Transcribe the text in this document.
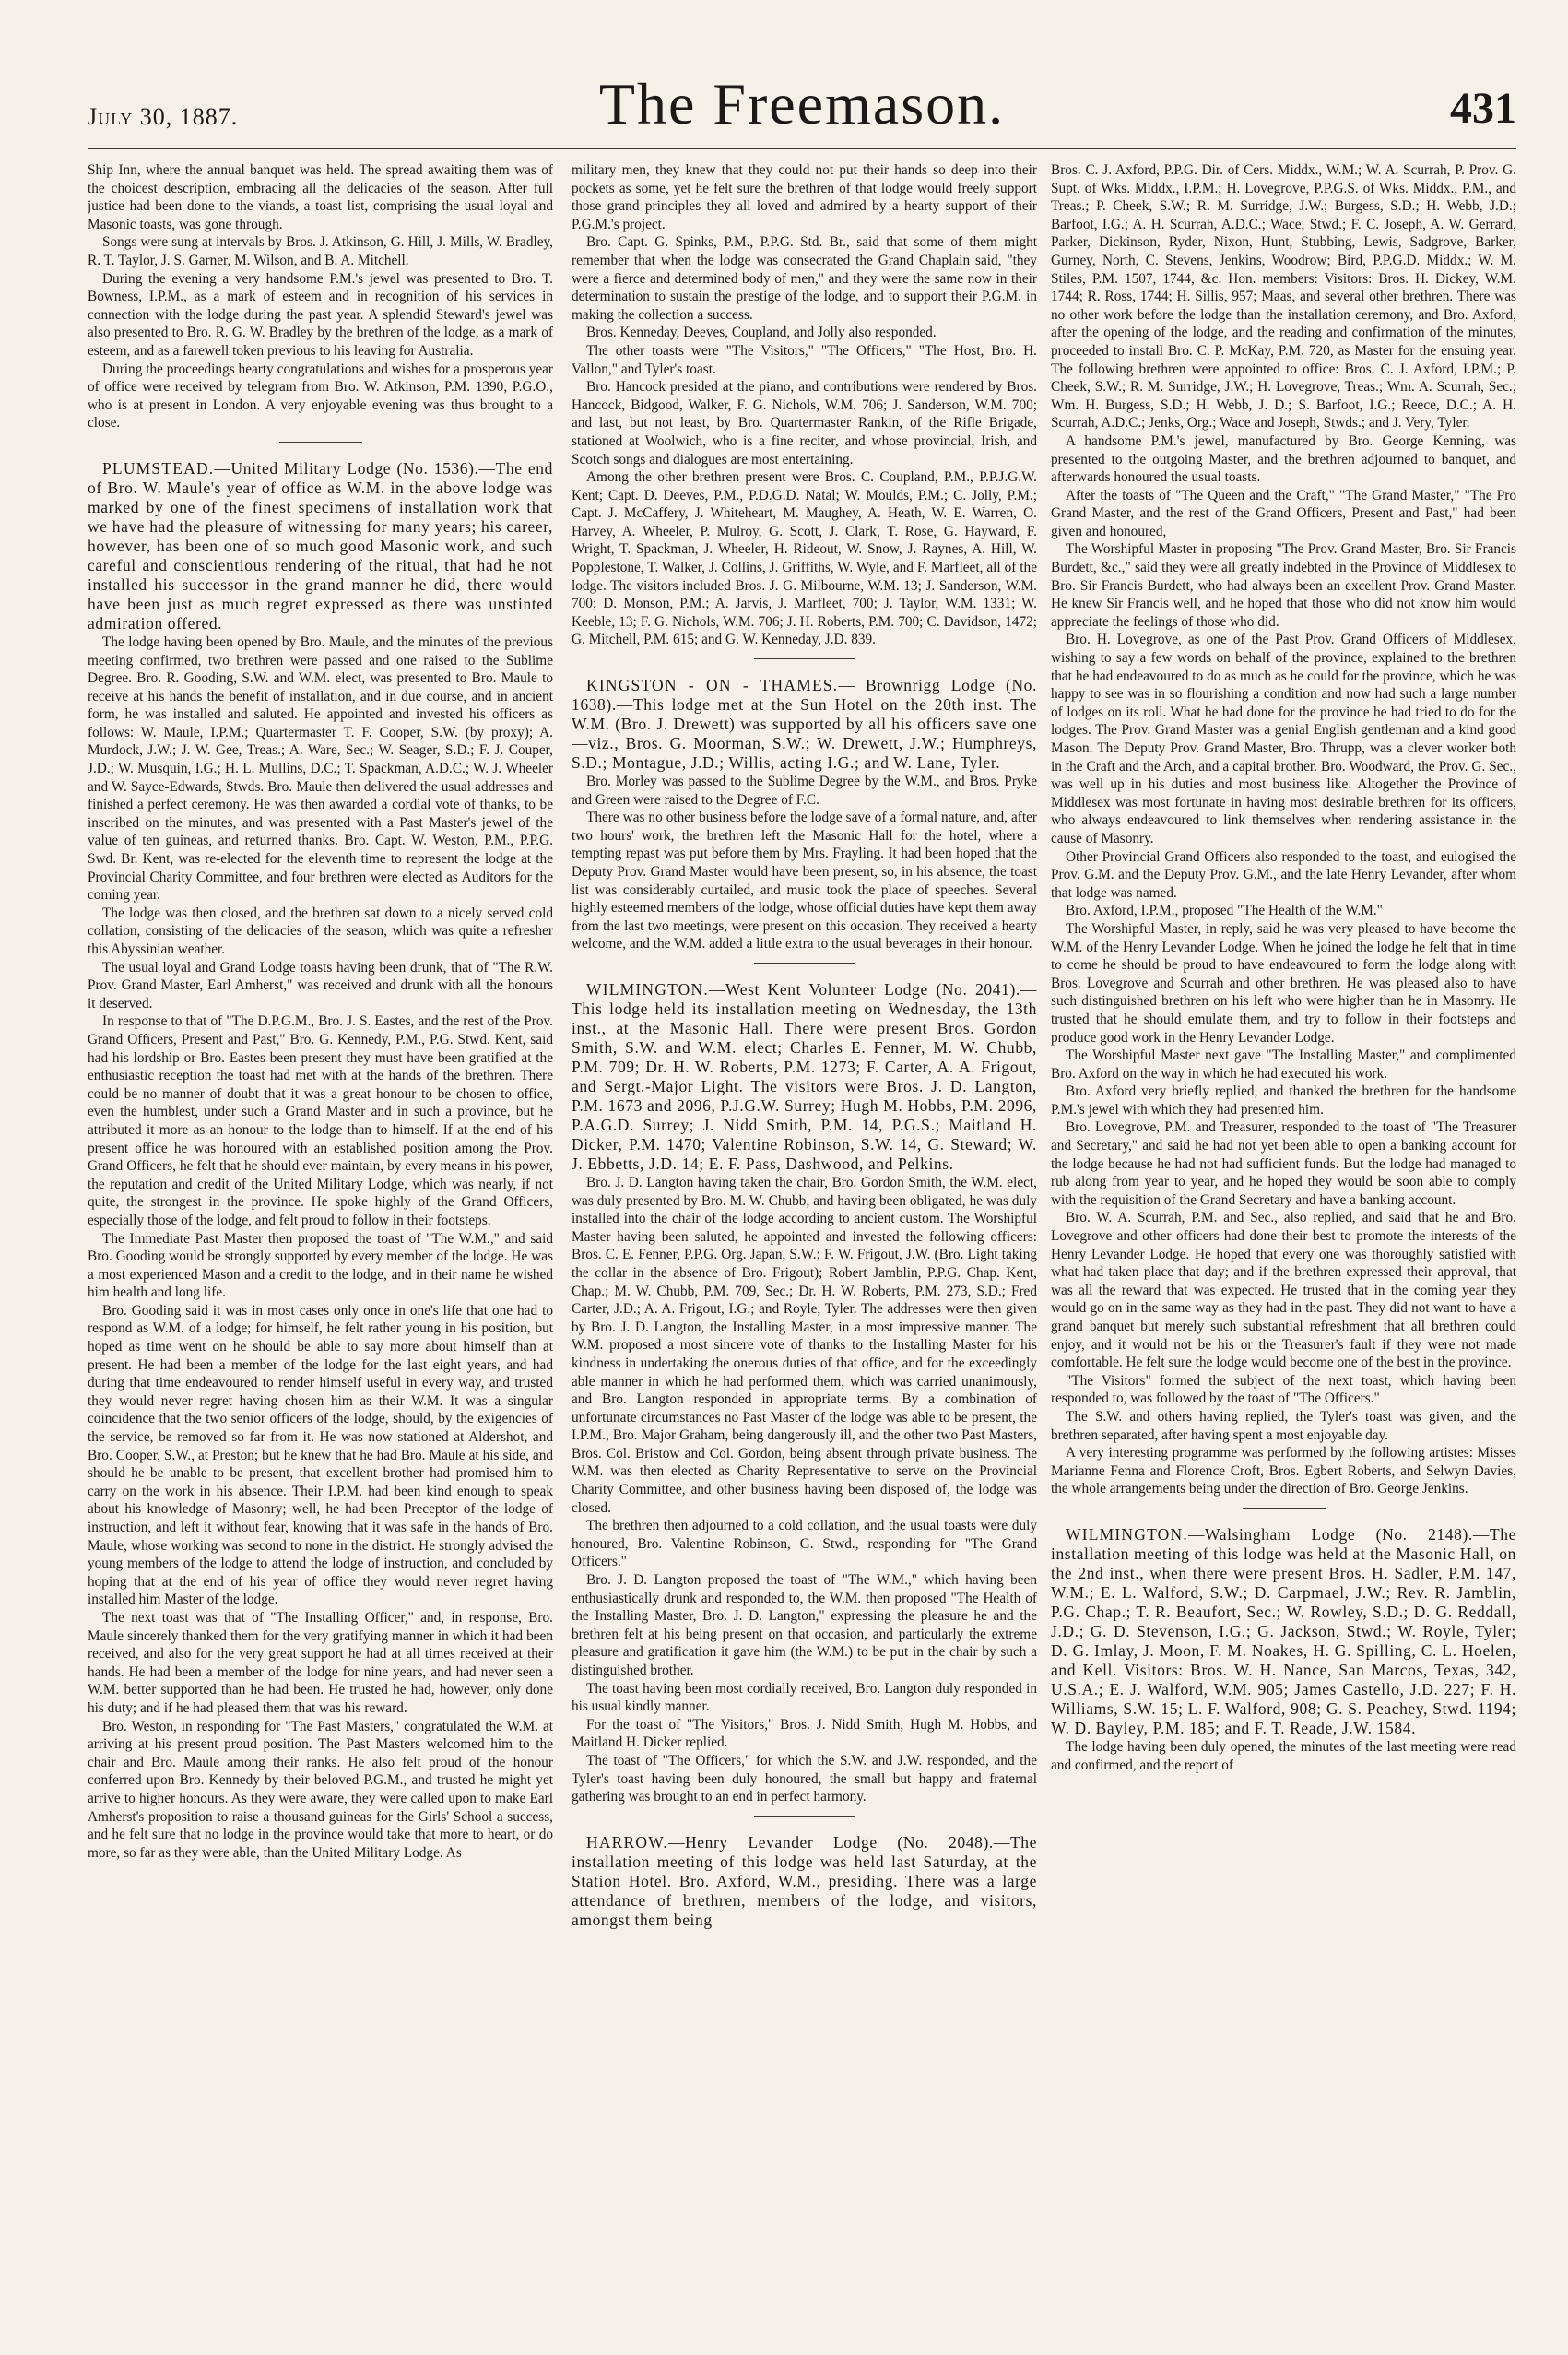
July 30, 1887.	The Freemason.	431

Ship Inn, where the annual banquet was held. The spread awaiting them was of the choicest description, embracing all the delicacies of the season. After full justice had been done to the viands, a toast list, comprising the usual loyal and Masonic toasts, was gone through.

Songs were sung at intervals by Bros. J. Atkinson, G. Hill, J. Mills, W. Bradley, R. T. Taylor, J. S. Garner, M. Wilson, and B. A. Mitchell.

During the evening a very handsome P.M.'s jewel was presented to Bro. T. Bowness, I.P.M., as a mark of esteem and in recognition of his services in connection with the lodge during the past year. A splendid Steward's jewel was also presented to Bro. R. G. W. Bradley by the brethren of the lodge, as a mark of esteem, and as a farewell token previous to his leaving for Australia.

During the proceedings hearty congratulations and wishes for a prosperous year of office were received by telegram from Bro. W. Atkinson, P.M. 1390, P.G.O., who is at present in London. A very enjoyable evening was thus brought to a close.

PLUMSTEAD.—United Military Lodge (No. 1536).—The end of Bro. W. Maule's year of office as W.M. in the above lodge was marked by one of the finest specimens of installation work that we have had the pleasure of witnessing for many years; his career, however, has been one of so much good Masonic work, and such careful and conscientious rendering of the ritual, that had he not installed his successor in the grand manner he did, there would have been just as much regret expressed as there was unstinted admiration offered.

The lodge having been opened by Bro. Maule, and the minutes of the previous meeting confirmed, two brethren were passed and one raised to the Sublime Degree. Bro. R. Gooding, S.W. and W.M. elect, was presented to Bro. Maule to receive at his hands the benefit of installation, and in due course, and in ancient form, he was installed and saluted. He appointed and invested his officers as follows: W. Maule, I.P.M.; Quartermaster T. F. Cooper, S.W. (by proxy); A. Murdock, J.W.; J. W. Gee, Treas.; A. Ware, Sec.; W. Seager, S.D.; F. J. Couper, J.D.; W. Musquin, I.G.; H. L. Mullins, D.C.; T. Spackman, A.D.C.; W. J. Wheeler and W. Sayce-Edwards, Stwds. Bro. Maule then delivered the usual addresses and finished a perfect ceremony. He was then awarded a cordial vote of thanks, to be inscribed on the minutes, and was presented with a Past Master's jewel of the value of ten guineas, and returned thanks. Bro. Capt. W. Weston, P.M., P.P.G. Swd. Br. Kent, was re-elected for the eleventh time to represent the lodge at the Provincial Charity Committee, and four brethren were elected as Auditors for the coming year.

The lodge was then closed, and the brethren sat down to a nicely served cold collation, consisting of the delicacies of the season, which was quite a refresher this Abyssinian weather.

The usual loyal and Grand Lodge toasts having been drunk, that of "The R.W. Prov. Grand Master, Earl Amherst," was received and drunk with all the honours it deserved.

In response to that of "The D.P.G.M., Bro. J. S. Eastes, and the rest of the Prov. Grand Officers, Present and Past," Bro. G. Kennedy, P.M., P.G. Stwd. Kent, said had his lordship or Bro. Eastes been present they must have been gratified at the enthusiastic reception the toast had met with at the hands of the brethren. There could be no manner of doubt that it was a great honour to be chosen to office, even the humblest, under such a Grand Master and in such a province, but he attributed it more as an honour to the lodge than to himself. If at the end of his present office he was honoured with an established position among the Prov. Grand Officers, he felt that he should ever maintain, by every means in his power, the reputation and credit of the United Military Lodge, which was nearly, if not quite, the strongest in the province. He spoke highly of the Grand Officers, especially those of the lodge, and felt proud to follow in their footsteps.

The Immediate Past Master then proposed the toast of "The W.M.," and said Bro. Gooding would be strongly supported by every member of the lodge. He was a most experienced Mason and a credit to the lodge, and in their name he wished him health and long life.

Bro. Gooding said it was in most cases only once in one's life that one had to respond as W.M. of a lodge; for himself, he felt rather young in his position, but hoped as time went on he should be able to say more about himself than at present. He had been a member of the lodge for the last eight years, and had during that time endeavoured to render himself useful in every way, and trusted they would never regret having chosen him as their W.M. It was a singular coincidence that the two senior officers of the lodge, should, by the exigencies of the service, be removed so far from it. He was now stationed at Aldershot, and Bro. Cooper, S.W., at Preston; but he knew that he had Bro. Maule at his side, and should he be unable to be present, that excellent brother had promised him to carry on the work in his absence. Their I.P.M. had been kind enough to speak about his knowledge of Masonry; well, he had been Preceptor of the lodge of instruction, and left it without fear, knowing that it was safe in the hands of Bro. Maule, whose working was second to none in the district. He strongly advised the young members of the lodge to attend the lodge of instruction, and concluded by hoping that at the end of his year of office they would never regret having installed him Master of the lodge.

The next toast was that of "The Installing Officer," and, in response, Bro. Maule sincerely thanked them for the very gratifying manner in which it had been received, and also for the very great support he had at all times received at their hands. He had been a member of the lodge for nine years, and had never seen a W.M. better supported than he had been. He trusted he had, however, only done his duty; and if he had pleased them that was his reward.

Bro. Weston, in responding for "The Past Masters," congratulated the W.M. at arriving at his present proud position. The Past Masters welcomed him to the chair and Bro. Maule among their ranks. He also felt proud of the honour conferred upon Bro. Kennedy by their beloved P.G.M., and trusted he might yet arrive to higher honours. As they were aware, they were called upon to make Earl Amherst's proposition to raise a thousand guineas for the Girls' School a success, and he felt sure that no lodge in the province would take that more to heart, or do more, so far as they were able, than the United Military Lodge. As

military men, they knew that they could not put their hands so deep into their pockets as some, yet he felt sure the brethren of that lodge would freely support those grand principles they all loved and admired by a hearty support of their P.G.M.'s project.

Bro. Capt. G. Spinks, P.M., P.P.G. Std. Br., said that some of them might remember that when the lodge was consecrated the Grand Chaplain said, "they were a fierce and determined body of men," and they were the same now in their determination to sustain the prestige of the lodge, and to support their P.G.M. in making the collection a success.

Bros. Kenneday, Deeves, Coupland, and Jolly also responded.

The other toasts were "The Visitors," "The Officers," "The Host, Bro. H. Vallon," and Tyler's toast.

Bro. Hancock presided at the piano, and contributions were rendered by Bros. Hancock, Bidgood, Walker, F. G. Nichols, W.M. 706; J. Sanderson, W.M. 700; and last, but not least, by Bro. Quartermaster Rankin, of the Rifle Brigade, stationed at Woolwich, who is a fine reciter, and whose provincial, Irish, and Scotch songs and dialogues are most entertaining.

Among the other brethren present were Bros. C. Coupland, P.M., P.P.J.G.W. Kent; Capt. D. Deeves, P.M., P.D.G.D. Natal; W. Moulds, P.M.; C. Jolly, P.M.; Capt. J. McCaffery, J. Whiteheart, M. Maughey, A. Heath, W. E. Warren, O. Harvey, A. Wheeler, P. Mulroy, G. Scott, J. Clark, T. Rose, G. Hayward, F. Wright, T. Spackman, J. Wheeler, H. Rideout, W. Snow, J. Raynes, A. Hill, W. Popplestone, T. Walker, J. Collins, J. Griffiths, W. Wyle, and F. Marfleet, all of the lodge. The visitors included Bros. J. G. Milbourne, W.M. 13; J. Sanderson, W.M. 700; D. Monson, P.M.; A. Jarvis, J. Marfleet, 700; J. Taylor, W.M. 1331; W. Keeble, 13; F. G. Nichols, W.M. 706; J. H. Roberts, P.M. 700; C. Davidson, 1472; G. Mitchell, P.M. 615; and G. W. Kenneday, J.D. 839.

KINGSTON - ON - THAMES.— Brownrigg Lodge (No. 1638).—This lodge met at the Sun Hotel on the 20th inst. The W.M. (Bro. J. Drewett) was supported by all his officers save one—viz., Bros. G. Moorman, S.W.; W. Drewett, J.W.; Humphreys, S.D.; Montague, J.D.; Willis, acting I.G.; and W. Lane, Tyler.

Bro. Morley was passed to the Sublime Degree by the W.M., and Bros. Pryke and Green were raised to the Degree of F.C.

There was no other business before the lodge save of a formal nature, and, after two hours' work, the brethren left the Masonic Hall for the hotel, where a tempting repast was put before them by Mrs. Frayling. It had been hoped that the Deputy Prov. Grand Master would have been present, so, in his absence, the toast list was considerably curtailed, and music took the place of speeches. Several highly esteemed members of the lodge, whose official duties have kept them away from the last two meetings, were present on this occasion. They received a hearty welcome, and the W.M. added a little extra to the usual beverages in their honour.

WILMINGTON.—West Kent Volunteer Lodge (No. 2041).—This lodge held its installation meeting on Wednesday, the 13th inst., at the Masonic Hall. There were present Bros. Gordon Smith, S.W. and W.M. elect; Charles E. Fenner, M. W. Chubb, P.M. 709; Dr. H. W. Roberts, P.M. 1273; F. Carter, A. A. Frigout, and Sergt.-Major Light. The visitors were Bros. J. D. Langton, P.M. 1673 and 2096, P.J.G.W. Surrey; Hugh M. Hobbs, P.M. 2096, P.A.G.D. Surrey; J. Nidd Smith, P.M. 14, P.G.S.; Maitland H. Dicker, P.M. 1470; Valentine Robinson, S.W. 14, G. Steward; W. J. Ebbetts, J.D. 14; E. F. Pass, Dashwood, and Pelkins.

Bro. J. D. Langton having taken the chair, Bro. Gordon Smith, the W.M. elect, was duly presented by Bro. M. W. Chubb, and having been obligated, he was duly installed into the chair of the lodge according to ancient custom. The Worshipful Master having been saluted, he appointed and invested the following officers: Bros. C. E. Fenner, P.P.G. Org. Japan, S.W.; F. W. Frigout, J.W. (Bro. Light taking the collar in the absence of Bro. Frigout); Robert Jamblin, P.P.G. Chap. Kent, Chap.; M. W. Chubb, P.M. 709, Sec.; Dr. H. W. Roberts, P.M. 273, S.D.; Fred Carter, J.D.; A. A. Frigout, I.G.; and Royle, Tyler. The addresses were then given by Bro. J. D. Langton, the Installing Master, in a most impressive manner. The W.M. proposed a most sincere vote of thanks to the Installing Master for his kindness in undertaking the onerous duties of that office, and for the exceedingly able manner in which he had performed them, which was carried unanimously, and Bro. Langton responded in appropriate terms. By a combination of unfortunate circumstances no Past Master of the lodge was able to be present, the I.P.M., Bro. Major Graham, being dangerously ill, and the other two Past Masters, Bros. Col. Bristow and Col. Gordon, being absent through private business. The W.M. was then elected as Charity Representative to serve on the Provincial Charity Committee, and other business having been disposed of, the lodge was closed.

The brethren then adjourned to a cold collation, and the usual toasts were duly honoured, Bro. Valentine Robinson, G. Stwd., responding for "The Grand Officers."

Bro. J. D. Langton proposed the toast of "The W.M.," which having been enthusiastically drunk and responded to, the W.M. then proposed "The Health of the Installing Master, Bro. J. D. Langton," expressing the pleasure he and the brethren felt at his being present on that occasion, and particularly the extreme pleasure and gratification it gave him (the W.M.) to be put in the chair by such a distinguished brother.

The toast having been most cordially received, Bro. Langton duly responded in his usual kindly manner.

For the toast of "The Visitors," Bros. J. Nidd Smith, Hugh M. Hobbs, and Maitland H. Dicker replied.

The toast of "The Officers," for which the S.W. and J.W. responded, and the Tyler's toast having been duly honoured, the small but happy and fraternal gathering was brought to an end in perfect harmony.

HARROW.—Henry Levander Lodge (No. 2048).—The installation meeting of this lodge was held last Saturday, at the Station Hotel. Bro. Axford, W.M., presiding. There was a large attendance of brethren, members of the lodge, and visitors, amongst them being

Bros. C. J. Axford, P.P.G. Dir. of Cers. Middx., W.M.; W. A. Scurrah, P. Prov. G. Supt. of Wks. Middx., I.P.M.; H. Lovegrove, P.P.G.S. of Wks. Middx., P.M., and Treas.; P. Cheek, S.W.; R. M. Surridge, J.W.; Burgess, S.D.; H. Webb, J.D.; Barfoot, I.G.; A. H. Scurrah, A.D.C.; Wace, Stwd.; F. C. Joseph, A. W. Gerrard, Parker, Dickinson, Ryder, Nixon, Hunt, Stubbing, Lewis, Sadgrove, Barker, Gurney, North, C. Stevens, Jenkins, Woodrow; Bird, P.P.G.D. Middx.; W. M. Stiles, P.M. 1507, 1744, &c. Hon. members: Visitors: Bros. H. Dickey, W.M. 1744; R. Ross, 1744; H. Sillis, 957; Maas, and several other brethren. There was no other work before the lodge than the installation ceremony, and Bro. Axford, after the opening of the lodge, and the reading and confirmation of the minutes, proceeded to install Bro. C. P. McKay, P.M. 720, as Master for the ensuing year. The following brethren were appointed to office: Bros. C. J. Axford, I.P.M.; P. Cheek, S.W.; R. M. Surridge, J.W.; H. Lovegrove, Treas.; Wm. A. Scurrah, Sec.; Wm. H. Burgess, S.D.; H. Webb, J. D.; S. Barfoot, I.G.; Reece, D.C.; A. H. Scurrah, A.D.C.; Jenks, Org.; Wace and Joseph, Stwds.; and J. Very, Tyler.

A handsome P.M.'s jewel, manufactured by Bro. George Kenning, was presented to the outgoing Master, and the brethren adjourned to banquet, and afterwards honoured the usual toasts.

After the toasts of "The Queen and the Craft," "The Grand Master," "The Pro Grand Master, and the rest of the Grand Officers, Present and Past," had been given and honoured,

The Worshipful Master in proposing "The Prov. Grand Master, Bro. Sir Francis Burdett, &c.," said they were all greatly indebted in the Province of Middlesex to Bro. Sir Francis Burdett, who had always been an excellent Prov. Grand Master. He knew Sir Francis well, and he hoped that those who did not know him would appreciate the feelings of those who did.

Bro. H. Lovegrove, as one of the Past Prov. Grand Officers of Middlesex, wishing to say a few words on behalf of the province, explained to the brethren that he had endeavoured to do as much as he could for the province, which he was happy to see was in so flourishing a condition and now had such a large number of lodges on its roll. What he had done for the province he had tried to do for the lodges. The Prov. Grand Master was a genial English gentleman and a kind good Mason. The Deputy Prov. Grand Master, Bro. Thrupp, was a clever worker both in the Craft and the Arch, and a capital brother. Bro. Woodward, the Prov. G. Sec., was well up in his duties and most business like. Altogether the Province of Middlesex was most fortunate in having most desirable brethren for its officers, who always endeavoured to link themselves when rendering assistance in the cause of Masonry.

Other Provincial Grand Officers also responded to the toast, and eulogised the Prov. G.M. and the Deputy Prov. G.M., and the late Henry Levander, after whom that lodge was named.

Bro. Axford, I.P.M., proposed "The Health of the W.M."

The Worshipful Master, in reply, said he was very pleased to have become the W.M. of the Henry Levander Lodge. When he joined the lodge he felt that in time to come he should be proud to have endeavoured to form the lodge along with Bros. Lovegrove and Scurrah and other brethren. He was pleased also to have such distinguished brethren on his left who were higher than he in Masonry. He trusted that he should emulate them, and try to follow in their footsteps and produce good work in the Henry Levander Lodge.

The Worshipful Master next gave "The Installing Master," and complimented Bro. Axford on the way in which he had executed his work.

Bro. Axford very briefly replied, and thanked the brethren for the handsome P.M.'s jewel with which they had presented him.

Bro. Lovegrove, P.M. and Treasurer, responded to the toast of "The Treasurer and Secretary," and said he had not yet been able to open a banking account for the lodge because he had not had sufficient funds. But the lodge had managed to rub along from year to year, and he hoped they would be soon able to comply with the requisition of the Grand Secretary and have a banking account.

Bro. W. A. Scurrah, P.M. and Sec., also replied, and said that he and Bro. Lovegrove and other officers had done their best to promote the interests of the Henry Levander Lodge. He hoped that every one was thoroughly satisfied with what had taken place that day; and if the brethren expressed their approval, that was all the reward that was expected. He trusted that in the coming year they would go on in the same way as they had in the past. They did not want to have a grand banquet but merely such substantial refreshment that all brethren could enjoy, and it would not be his or the Treasurer's fault if they were not made comfortable. He felt sure the lodge would become one of the best in the province.

"The Visitors" formed the subject of the next toast, which having been responded to, was followed by the toast of "The Officers."

The S.W. and others having replied, the Tyler's toast was given, and the brethren separated, after having spent a most enjoyable day.

A very interesting programme was performed by the following artistes: Misses Marianne Fenna and Florence Croft, Bros. Egbert Roberts, and Selwyn Davies, the whole arrangements being under the direction of Bro. George Jenkins.

WILMINGTON.—Walsingham Lodge (No. 2148).—The installation meeting of this lodge was held at the Masonic Hall, on the 2nd inst., when there were present Bros. H. Sadler, P.M. 147, W.M.; E. L. Walford, S.W.; D. Carpmael, J.W.; Rev. R. Jamblin, P.G. Chap.; T. R. Beaufort, Sec.; W. Rowley, S.D.; D. G. Reddall, J.D.; G. D. Stevenson, I.G.; G. Jackson, Stwd.; W. Royle, Tyler; D. G. Imlay, J. Moon, F. M. Noakes, H. G. Spilling, C. L. Hoelen, and Kell. Visitors: Bros. W. H. Nance, San Marcos, Texas, 342, U.S.A.; E. J. Walford, W.M. 905; James Castello, J.D. 227; F. H. Williams, S.W. 15; L. F. Walford, 908; G. S. Peachey, Stwd. 1194; W. D. Bayley, P.M. 185; and F. T. Reade, J.W. 1584.

The lodge having been duly opened, the minutes of the last meeting were read and confirmed, and the report of
